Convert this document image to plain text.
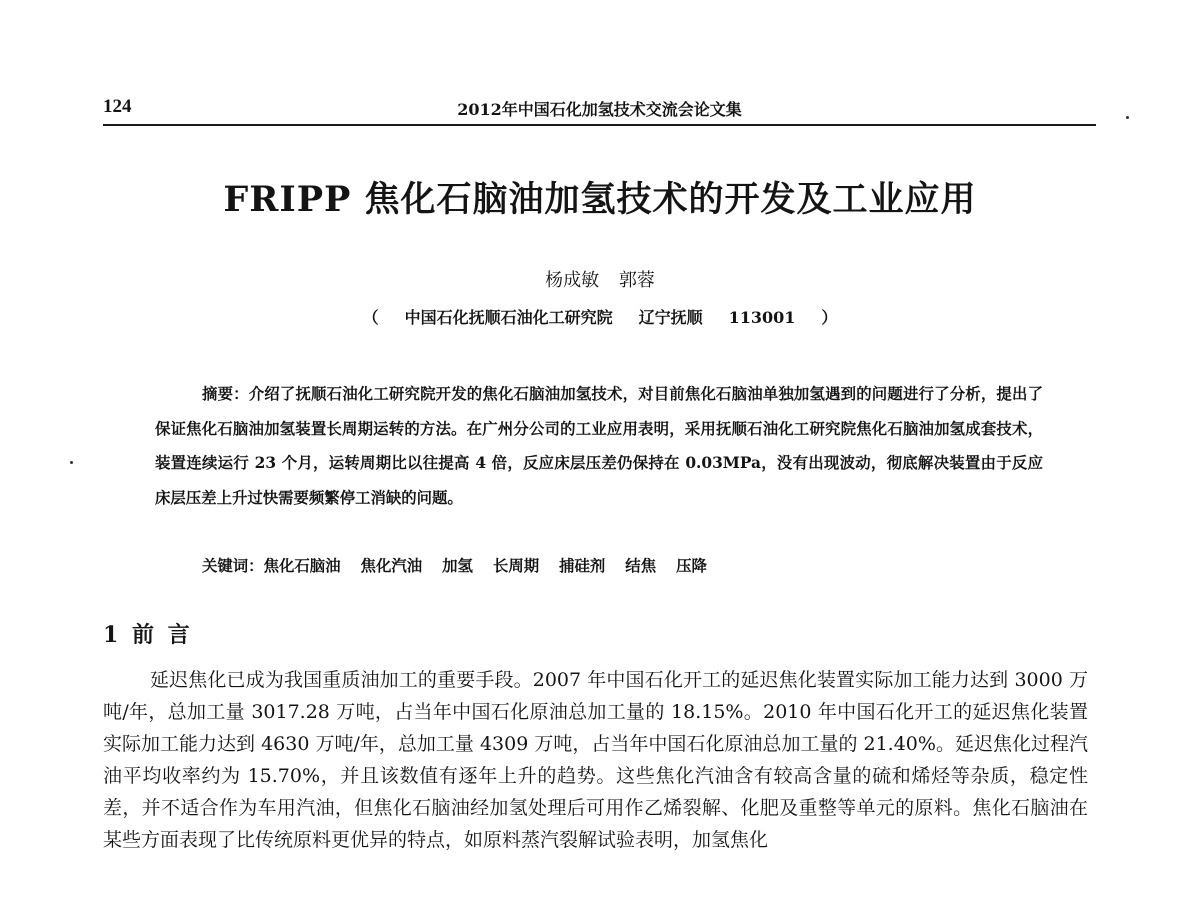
124	2012年中国石化加氢技术交流会论文集
FRIPP 焦化石脑油加氢技术的开发及工业应用
杨成敏 郭蓉
（ 中国石化抚顺石油化工研究院 辽宁抚顺 113001 ）
摘要：介绍了抚顺石油化工研究院开发的焦化石脑油加氢技术，对目前焦化石脑油单独加氢遇到的问题进行了分析，提出了保证焦化石脑油加氢装置长周期运转的方法。在广州分公司的工业应用表明，采用抚顺石油化工研究院焦化石脑油加氢成套技术，装置连续运行 23 个月，运转周期比以往提高 4 倍，反应床层压差仍保持在 0.03MPa，没有出现波动，彻底解决装置由于反应床层压差上升过快需要频繁停工消缺的问题。
关键词：焦化石脑油 焦化汽油 加氢 长周期 捕硅剂 结焦 压降
1 前 言
延迟焦化已成为我国重质油加工的重要手段。2007 年中国石化开工的延迟焦化装置实际加工能力达到 3000 万吨/年，总加工量 3017.28 万吨，占当年中国石化原油总加工量的 18.15%。2010 年中国石化开工的延迟焦化装置实际加工能力达到 4630 万吨/年，总加工量 4309 万吨，占当年中国石化原油总加工量的 21.40%。延迟焦化过程汽油平均收率约为 15.70%，并且该数值有逐年上升的趋势。这些焦化汽油含有较高含量的硫和烯烃等杂质，稳定性差，并不适合作为车用汽油，但焦化石脑油经加氢处理后可用作乙烯裂解、化肥及重整等单元的原料。焦化石脑油在某些方面表现了比传统原料更优异的特点，如原料蒸汽裂解试验表明，加氢焦化
